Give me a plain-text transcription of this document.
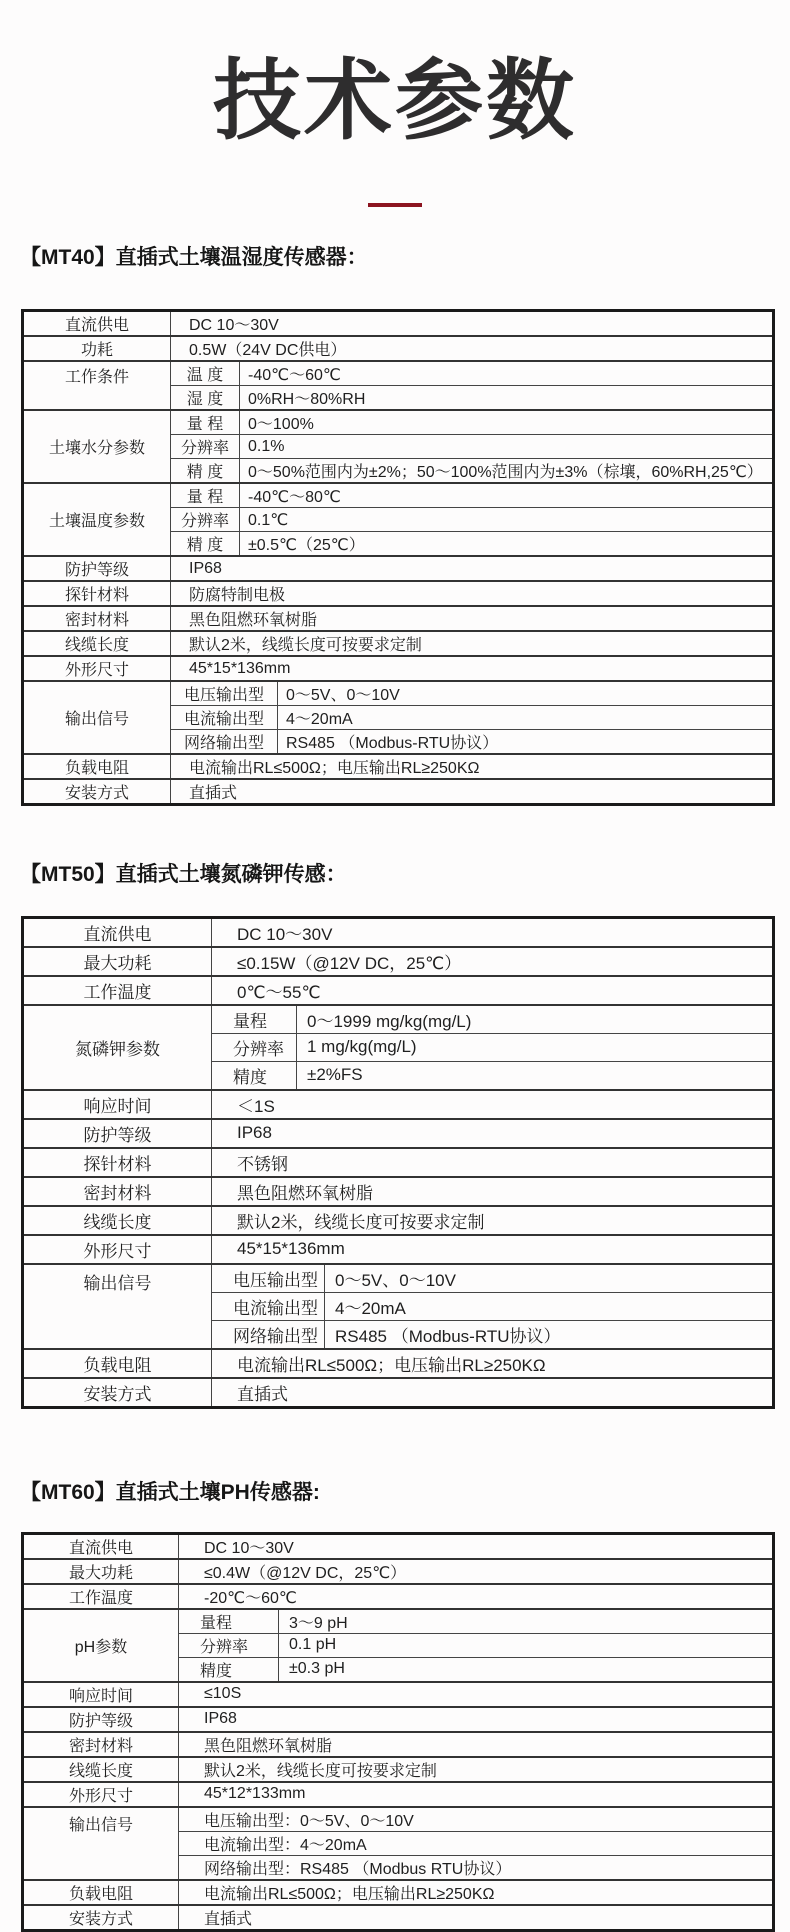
技术参数
【MT40】直插式土壤温湿度传感器：
直流供电	DC 10～30V

功耗	0.5W（24V DC供电）

工作条件	温 度 -40℃～60℃

湿 度 0%RH～80%RH

土壤水分参数	量 程 0～100%

分辨率 0.1%

精 度 0～50%范围内为±2%；50～100%范围内为±3%（棕壤，60%RH,25℃）

土壤温度参数	量 程 -40℃～80℃

分辨率 0.1℃

精 度 ±0.5℃（25℃）

防护等级	IP68

探针材料	防腐特制电极

密封材料	黑色阻燃环氧树脂

线缆长度	默认2米，线缆长度可按要求定制

外形尺寸	45*15*136mm

输出信号	电压输出型 0～5V、0～10V

电流输出型 4～20mA

网络输出型 RS485 （Modbus-RTU协议）

负载电阻	电流输出RL≤500Ω；电压输出RL≥250KΩ

安装方式	直插式
【MT50】直插式土壤氮磷钾传感：
直流供电	DC 10～30V

最大功耗	≤0.15W（@12V DC，25℃）

工作温度	0℃～55℃

氮磷钾参数	量程 0～1999 mg/kg(mg/L)

分辨率 1 mg/kg(mg/L)

精度 ±2%FS

响应时间	＜1S

防护等级	IP68

探针材料	不锈钢

密封材料	黑色阻燃环氧树脂

线缆长度	默认2米，线缆长度可按要求定制

外形尺寸	45*15*136mm

输出信号	电压输出型 0～5V、0～10V

电流输出型 4～20mA

网络输出型 RS485 （Modbus-RTU协议）

负载电阻	电流输出RL≤500Ω；电压输出RL≥250KΩ

安装方式	直插式
【MT60】直插式土壤PH传感器:
直流供电	DC 10～30V

最大功耗	≤0.4W（@12V DC，25℃）

工作温度	-20℃～60℃

pH参数	量程 3～9 pH

分辨率 0.1 pH

精度 ±0.3 pH

响应时间	≤10S

防护等级	IP68

密封材料	黑色阻燃环氧树脂

线缆长度	默认2米，线缆长度可按要求定制

外形尺寸	45*12*133mm

输出信号	电压输出型：0～5V、0～10V

电流输出型：4～20mA

网络输出型：RS485 （Modbus RTU协议）

负载电阻	电流输出RL≤500Ω；电压输出RL≥250KΩ

安装方式	直插式
